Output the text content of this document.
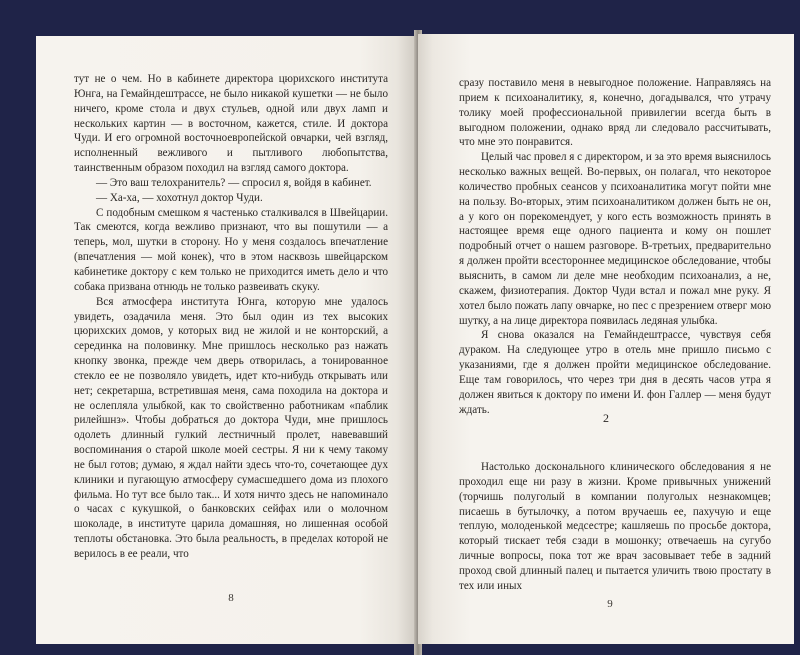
тут не о чем. Но в кабинете директора цюрихского института Юнга, на Гемайндештрассе, не было никакой кушетки — не было ничего, кроме стола и двух стульев, одной или двух ламп и нескольких картин — в восточном, кажется, стиле. И доктора Чуди. И его огромной восточноевропейской овчарки, чей взгляд, исполненный вежливого и пытливого любопытства, таинственным образом походил на взгляд самого доктора.

— Это ваш телохранитель? — спросил я, войдя в кабинет.

— Ха-ха, — хохотнул доктор Чуди.

С подобным смешком я частенько сталкивался в Швейцарии. Так смеются, когда вежливо признают, что вы пошутили — а теперь, мол, шутки в сторону. Но у меня создалось впечатление (впечатления — мой конек), что в этом насквозь швейцарском кабинетике доктору с кем только не приходится иметь дело и что собака призвана отнюдь не только развеивать скуку.

Вся атмосфера института Юнга, которую мне удалось увидеть, озадачила меня. Это был один из тех высоких цюрихских домов, у которых вид не жилой и не конторский, а серединка на половинку. Мне пришлось несколько раз нажать кнопку звонка, прежде чем дверь отворилась, а тонированное стекло ее не позволяло увидеть, идет кто-нибудь открывать или нет; секретарша, встретившая меня, сама походила на доктора и не ослепляла улыбкой, как то свойственно работникам «паблик рилейшнз». Чтобы добраться до доктора Чуди, мне пришлось одолеть длинный гулкий лестничный пролет, навевавший воспоминания о старой школе моей сестры. Я ни к чему такому не был готов; думаю, я ждал найти здесь что-то, сочетающее дух клиники и пугающую атмосферу сумасшедшего дома из плохого фильма. Но тут все было так... И хотя ничто здесь не напоминало о часах с кукушкой, о банковских сейфах или о молочном шоколаде, в институте царила домашняя, но лишенная особой теплоты обстановка. Это была реальность, в пределах которой не верилось в ее реали, что

8

сразу поставило меня в невыгодное положение. Направляясь на прием к психоаналитику, я, конечно, догадывался, что утрачу толику моей профессиональной привилегии всегда быть в выгодном положении, однако вряд ли следовало рассчитывать, что мне это понравится.

Целый час провел я с директором, и за это время выяснилось несколько важных вещей. Во-первых, он полагал, что некоторое количество пробных сеансов у психоаналитика могут пойти мне на пользу. Во-вторых, этим психоаналитиком должен быть не он, а у кого он порекомендует, у кого есть возможность принять в настоящее время еще одного пациента и кому он пошлет подробный отчет о нашем разговоре. В-третьих, предварительно я должен пройти всестороннее медицинское обследование, чтобы выяснить, в самом ли деле мне необходим психоанализ, а не, скажем, физиотерапия. Доктор Чуди встал и пожал мне руку. Я хотел было пожать лапу овчарке, но пес с презрением отверг мою шутку, а на лице директора появилась ледяная улыбка.

Я снова оказался на Гемайндештрассе, чувствуя себя дураком. На следующее утро в отель мне пришло письмо с указаниями, где я должен пройти медицинское обследование. Еще там говорилось, что через три дня в десять часов утра я должен явиться к доктору по имени И. фон Галлер — меня будут ждать.

2

Настолько доскональнoго клинического обследования я не проходил еще ни разу в жизни. Кроме привычных унижений (торчишь полуголый в компании полуголых незнакомцев; писаешь в бутылочку, а потом вручаешь ее, пахучую и еще теплую, молоденькой медсестре; кашляешь по просьбе доктора, который тискает тебя сзади в мошонку; отвечаешь на сугубо личные вопросы, пока тот же врач засовывает тебе в задний проход свой длинный палец и пытается уличить твою простату в тех или иных

9
